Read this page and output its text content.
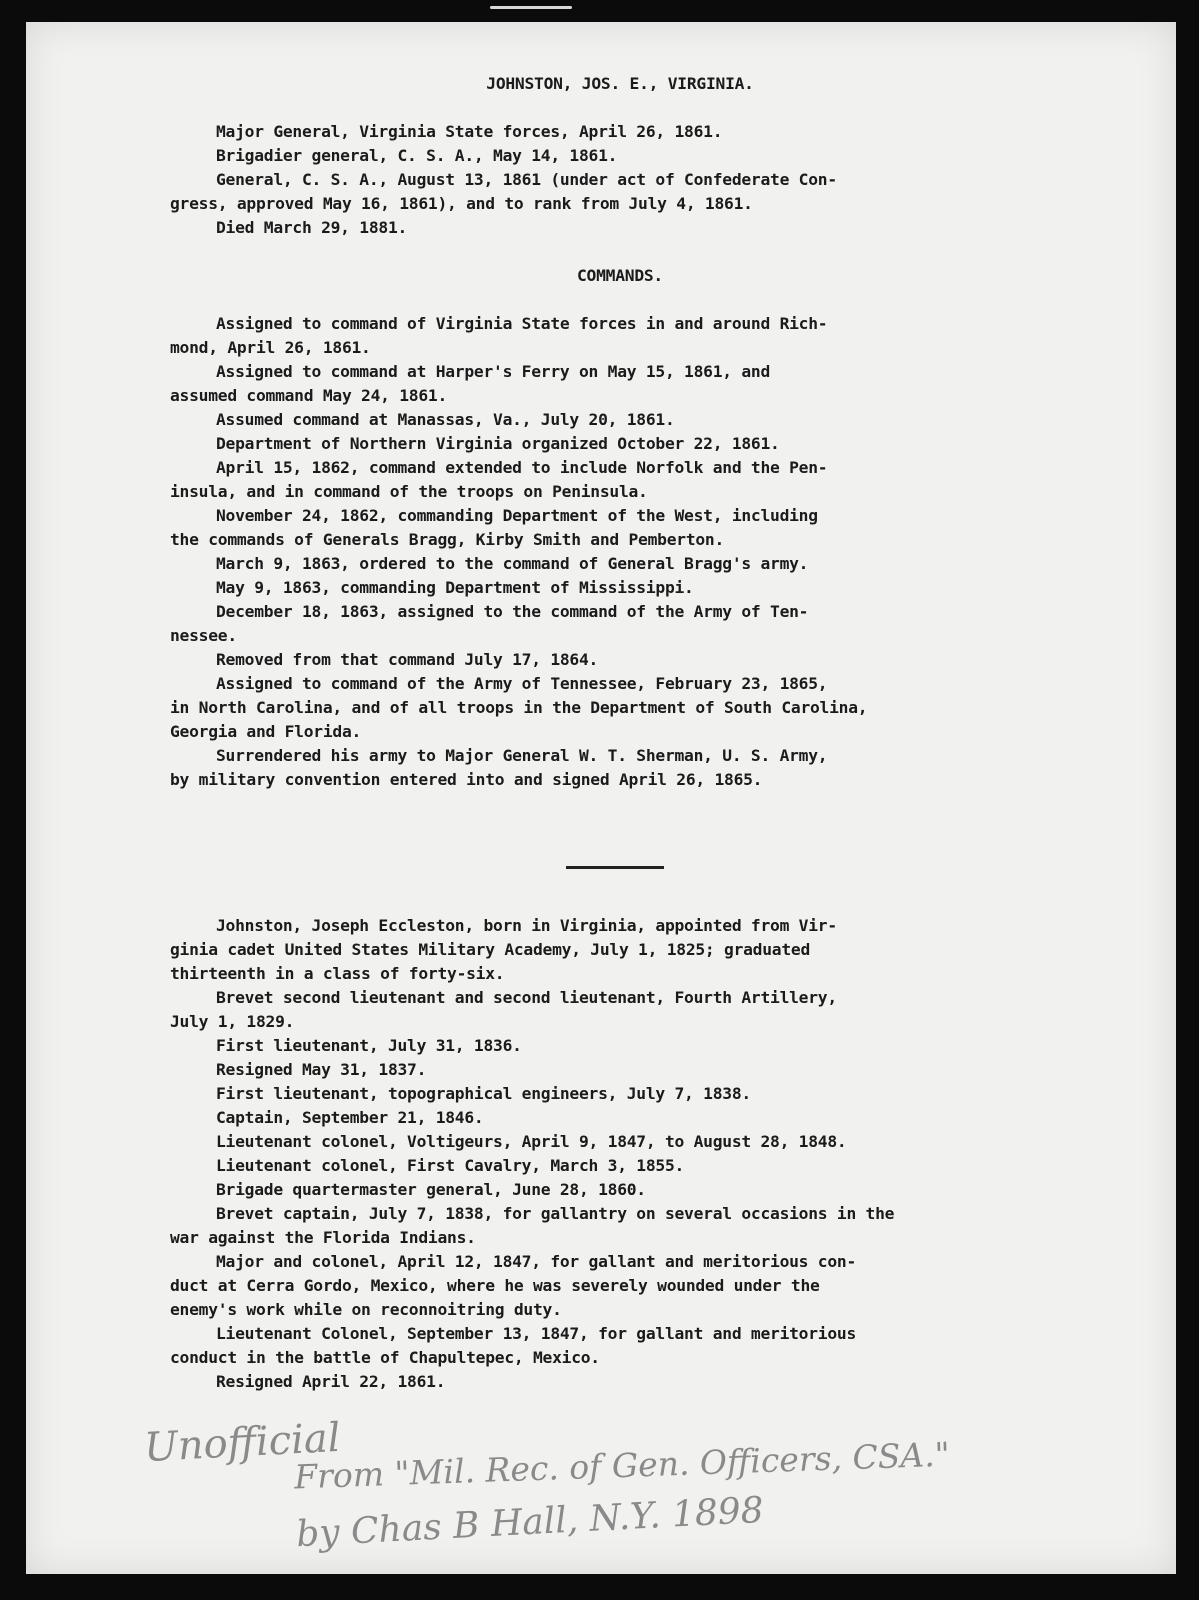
JOHNSTON, JOS. E., VIRGINIA.
Major General, Virginia State forces, April 26, 1861.
Brigadier general, C. S. A., May 14, 1861.
General, C. S. A., August 13, 1861 (under act of Confederate Con-
gress, approved May 16, 1861), and to rank from July 4, 1861.
Died March 29, 1881.
COMMANDS.
Assigned to command of Virginia State forces in and around Rich-
mond, April 26, 1861.
Assigned to command at Harper's Ferry on May 15, 1861, and
assumed command May 24, 1861.
Assumed command at Manassas, Va., July 20, 1861.
Department of Northern Virginia organized October 22, 1861.
April 15, 1862, command extended to include Norfolk and the Pen-
insula, and in command of the troops on Peninsula.
November 24, 1862, commanding Department of the West, including
the commands of Generals Bragg, Kirby Smith and Pemberton.
March 9, 1863, ordered to the command of General Bragg's army.
May 9, 1863, commanding Department of Mississippi.
December 18, 1863, assigned to the command of the Army of Ten-
nessee.
Removed from that command July 17, 1864.
Assigned to command of the Army of Tennessee, February 23, 1865,
in North Carolina, and of all troops in the Department of South Carolina,
Georgia and Florida.
Surrendered his army to Major General W. T. Sherman, U. S. Army,
by military convention entered into and signed April 26, 1865.
Johnston, Joseph Eccleston, born in Virginia, appointed from Vir-
ginia cadet United States Military Academy, July 1, 1825; graduated
thirteenth in a class of forty-six.
Brevet second lieutenant and second lieutenant, Fourth Artillery,
July 1, 1829.
First lieutenant, July 31, 1836.
Resigned May 31, 1837.
First lieutenant, topographical engineers, July 7, 1838.
Captain, September 21, 1846.
Lieutenant colonel, Voltigeurs, April 9, 1847, to August 28, 1848.
Lieutenant colonel, First Cavalry, March 3, 1855.
Brigade quartermaster general, June 28, 1860.
Brevet captain, July 7, 1838, for gallantry on several occasions in the
war against the Florida Indians.
Major and colonel, April 12, 1847, for gallant and meritorious con-
duct at Cerra Gordo, Mexico, where he was severely wounded under the
enemy's work while on reconnoitring duty.
Lieutenant Colonel, September 13, 1847, for gallant and meritorious
conduct in the battle of Chapultepec, Mexico.
Resigned April 22, 1861.
Unofficial
From "Mil. Rec. of Gen. Officers, CSA."
by Chas B Hall, N.Y. 1898
